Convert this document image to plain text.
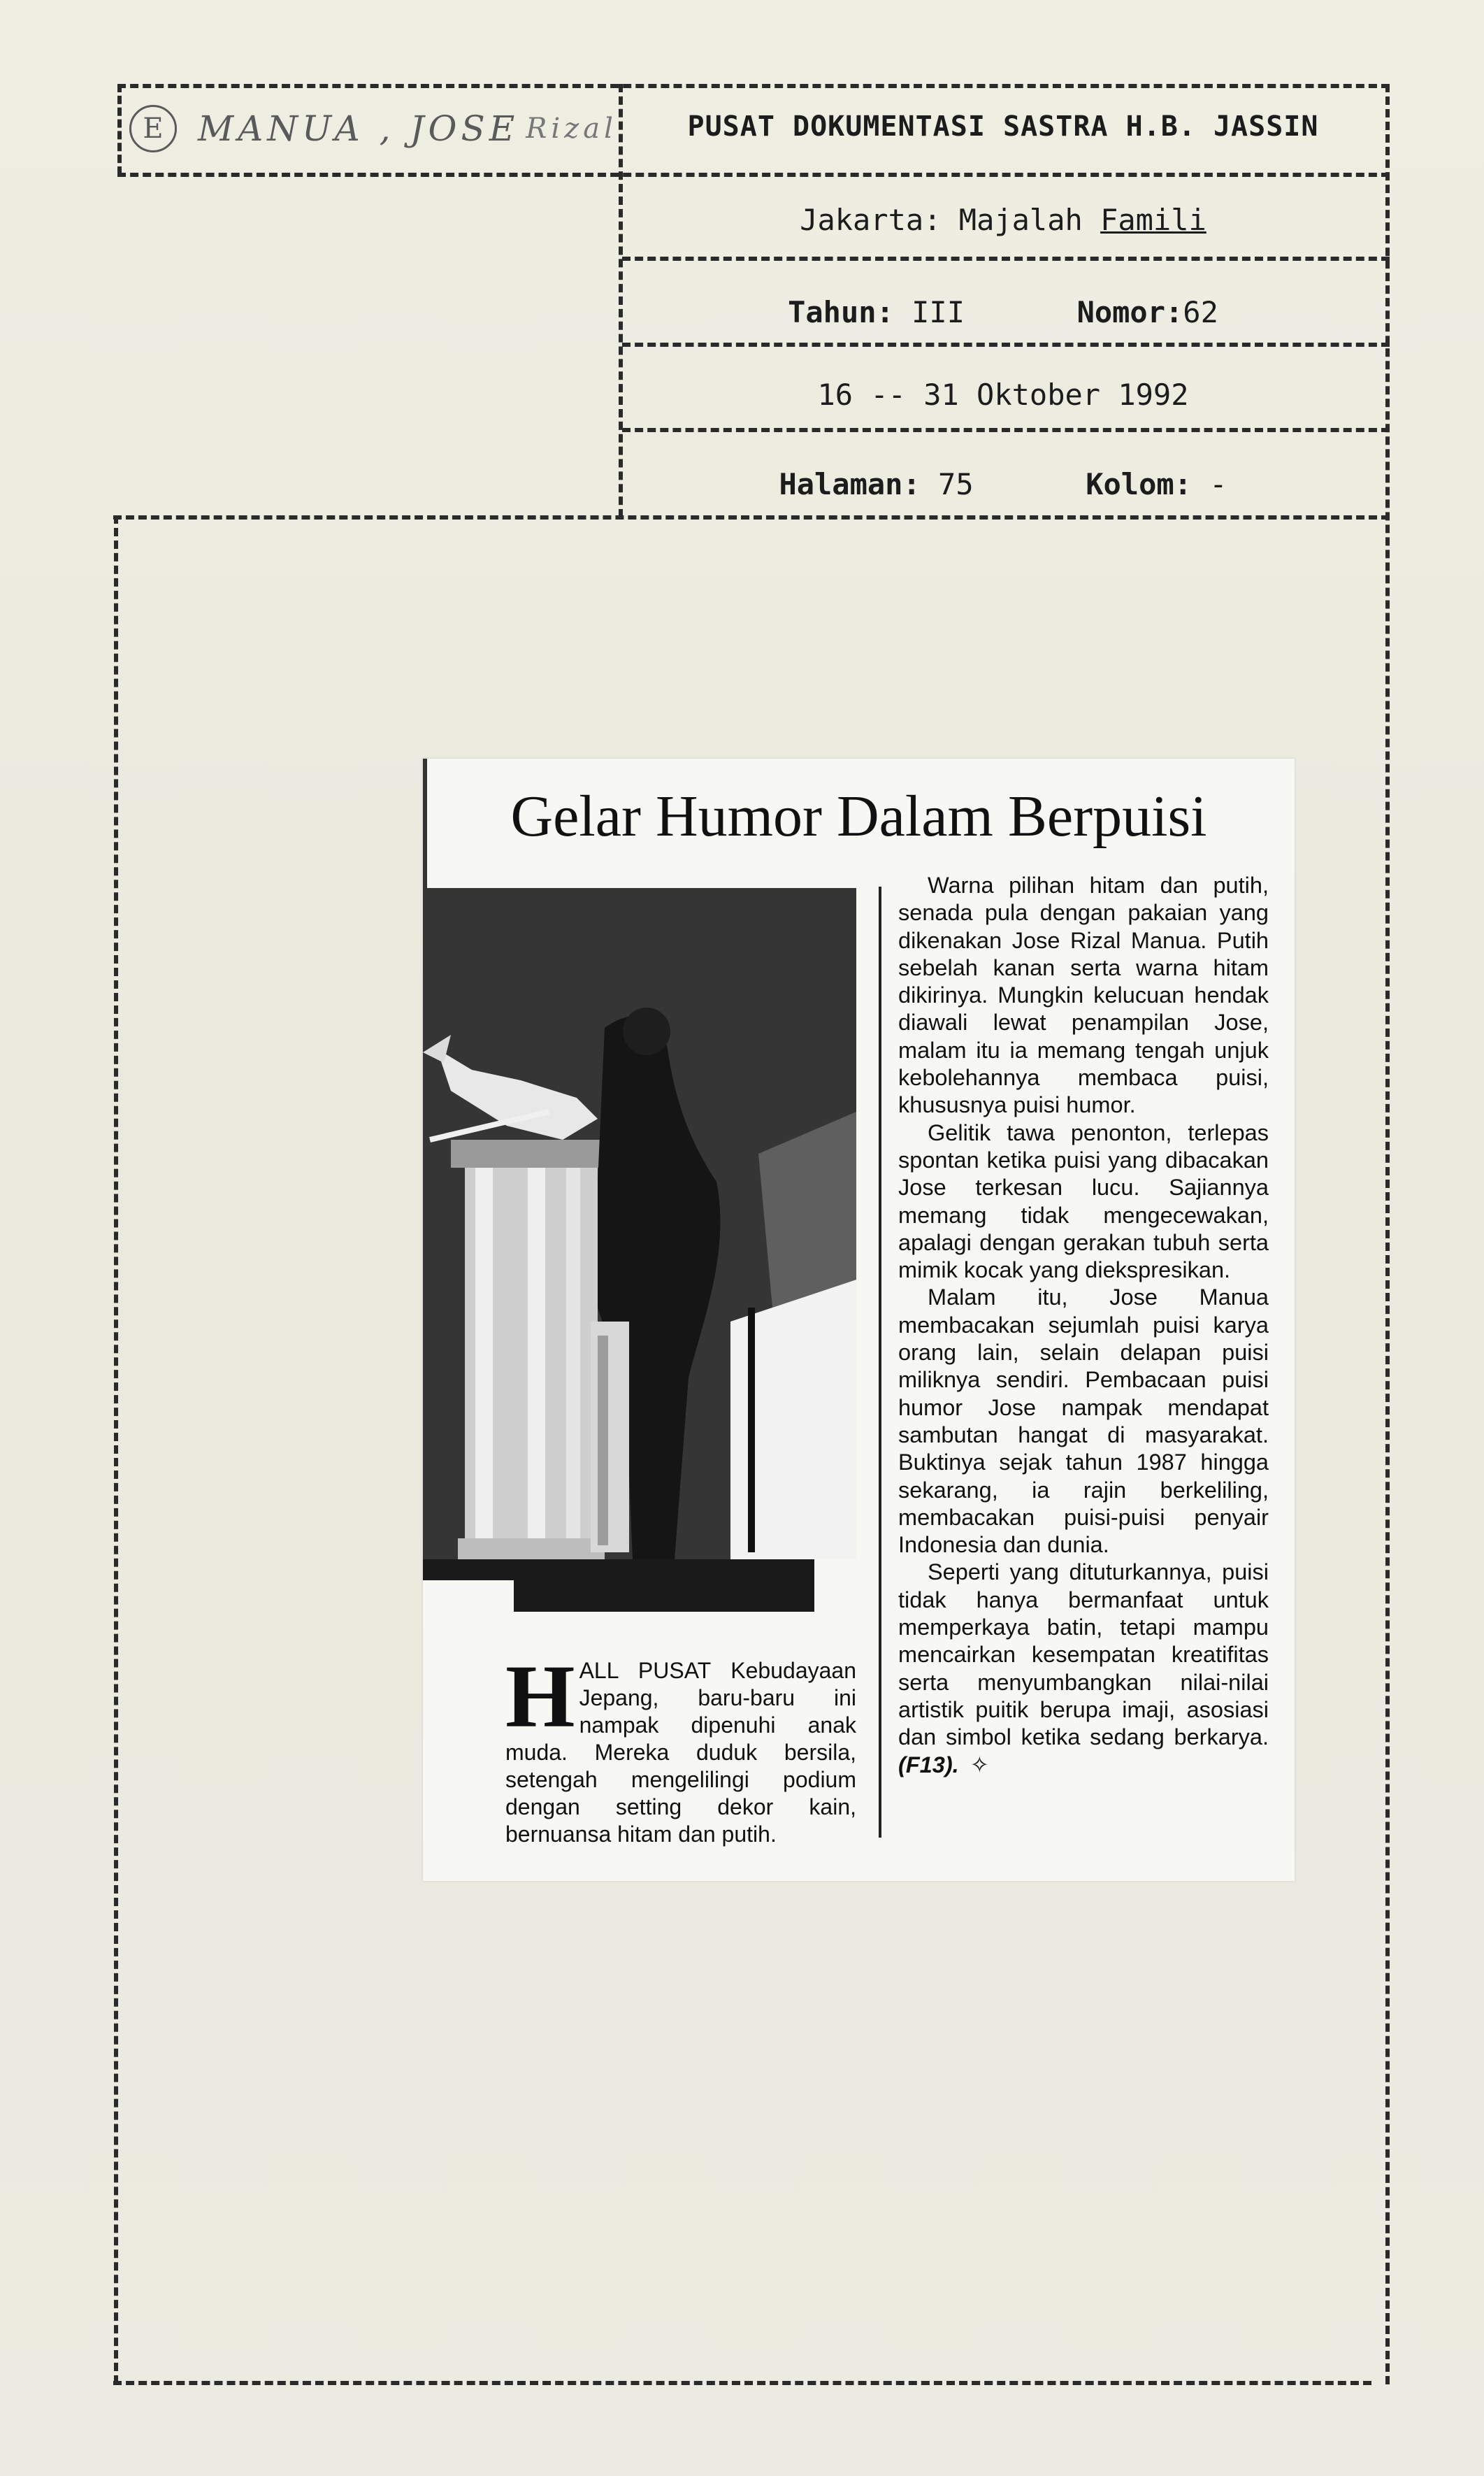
E MANUA , JOSE Rizal	PUSAT DOKUMENTASI SASTRA H.B. JASSIN
Jakarta: Majalah Famili
Tahun: III	Nomor:62
16 -- 31 Oktober 1992
Halaman: 75	Kolom: -
Gelar Humor Dalam Berpuisi
HALL PUSAT Kebudayaan Jepang, baru-baru ini nampak dipenuhi anak muda. Mereka duduk bersila, setengah mengelilingi podium dengan setting dekor kain, bernuansa hitam dan putih.

Warna pilihan hitam dan putih, senada pula dengan pakaian yang dikenakan Jose Rizal Manua. Putih sebelah kanan serta warna hitam dikirinya. Mungkin kelucuan hendak diawali lewat penampilan Jose, malam itu ia memang tengah unjuk kebolehannya membaca puisi, khususnya puisi humor.

Gelitik tawa penonton, terlepas spontan ketika puisi yang dibacakan Jose terkesan lucu. Sajiannya memang tidak mengecewakan, apalagi dengan gerakan tubuh serta mimik kocak yang diekspresikan.

Malam itu, Jose Manua membacakan sejumlah puisi karya orang lain, selain delapan puisi miliknya sendiri. Pembacaan puisi humor Jose nampak mendapat sambutan hangat di masyarakat. Buktinya sejak tahun 1987 hingga sekarang, ia rajin berkeliling, membacakan puisi-puisi penyair Indonesia dan dunia.

Seperti yang dituturkannya, puisi tidak hanya bermanfaat untuk memperkaya batin, tetapi mampu mencairkan kesempatan kreatifitas serta menyumbangkan nilai-nilai artistik puitik berupa imaji, asosiasi dan simbol ketika sedang berkarya. (F13). ✧
